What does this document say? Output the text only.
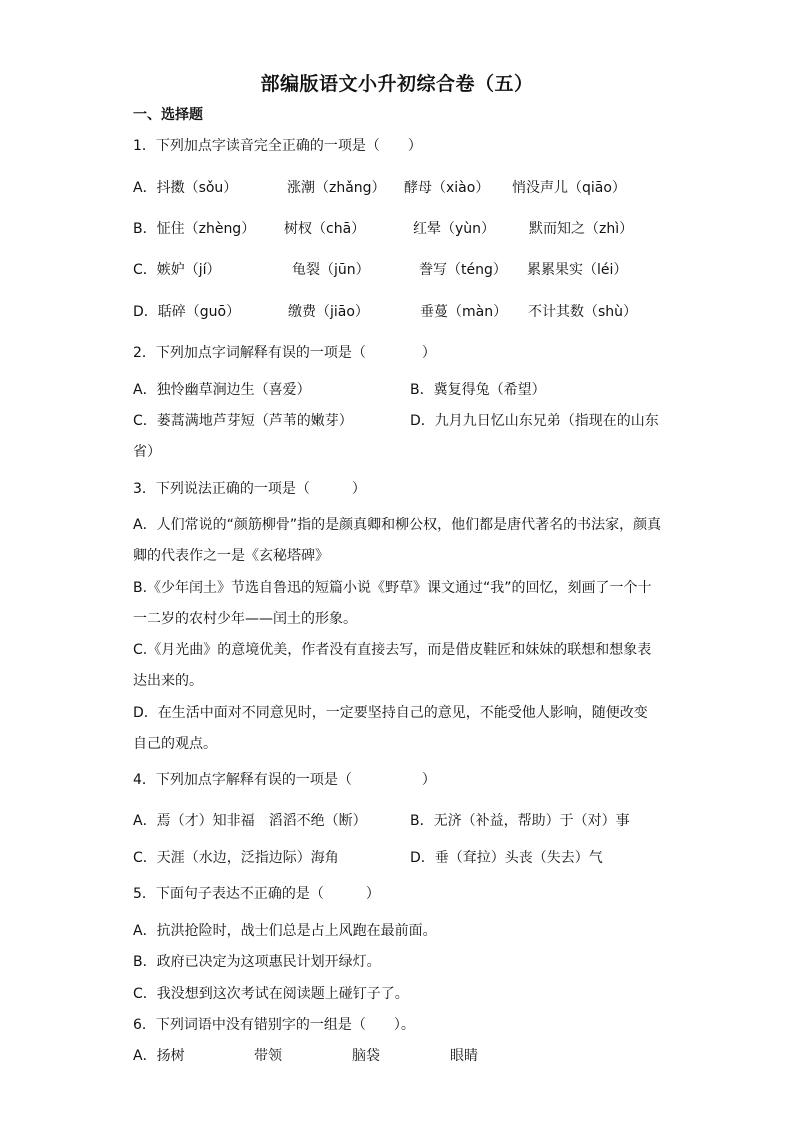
部编版语文小升初综合卷（五）
一、选择题
1．下列加点字读音完全正确的一项是（　　）
A．抖擞（sǒu）	涨潮（zhǎng） 酵母（xiào） 悄没声儿（qiāo）
B．怔住（zhèng） 树杈（chā）	红晕（yùn） 默而知之（zhì）
C．嫉妒（jí）	龟裂（jūn）	誊写（téng） 累累果实（léi）
D．聒碎（guō）	缴费（jiāo）	垂蔓（màn） 不计其数（shù）
2．下列加点字词解释有误的一项是（　　　　）
A．独怜幽草涧边生（喜爱）	B．冀复得兔（希望）
C．蒌蒿满地芦芽短（芦苇的嫩芽）	D．九月九日忆山东兄弟（指现在的山东
省）
3．下列说法正确的一项是（　　　）
A．人们常说的“颜筋柳骨”指的是颜真卿和柳公权，他们都是唐代著名的书法家，颜真
卿的代表作之一是《玄秘塔碑》
B.《少年闰土》节选自鲁迅的短篇小说《野草》课文通过“我”的回忆，刻画了一个十
一二岁的农村少年——闰土的形象。
C.《月光曲》的意境优美，作者没有直接去写，而是借皮鞋匠和妹妹的联想和想象表
达出来的。
D．在生活中面对不同意见时，一定要坚持自己的意见，不能受他人影响，随便改变
自己的观点。
4．下列加点字解释有误的一项是（　　　　　）
A．焉（才）知非福　滔滔不绝（断）	B．无济（补益，帮助）于（对）事
C．天涯（水边，泛指边际）海角	D．垂（耷拉）头丧（失去）气
5．下面句子表达不正确的是（　　　）
A．抗洪抢险时，战士们总是占上风跑在最前面。
B．政府已决定为这项惠民计划开绿灯。
C．我没想到这次考试在阅读题上碰钉子了。
6．下列词语中没有错别字的一组是（　　）。
A．扬树	带领	脑袋	眼睛
